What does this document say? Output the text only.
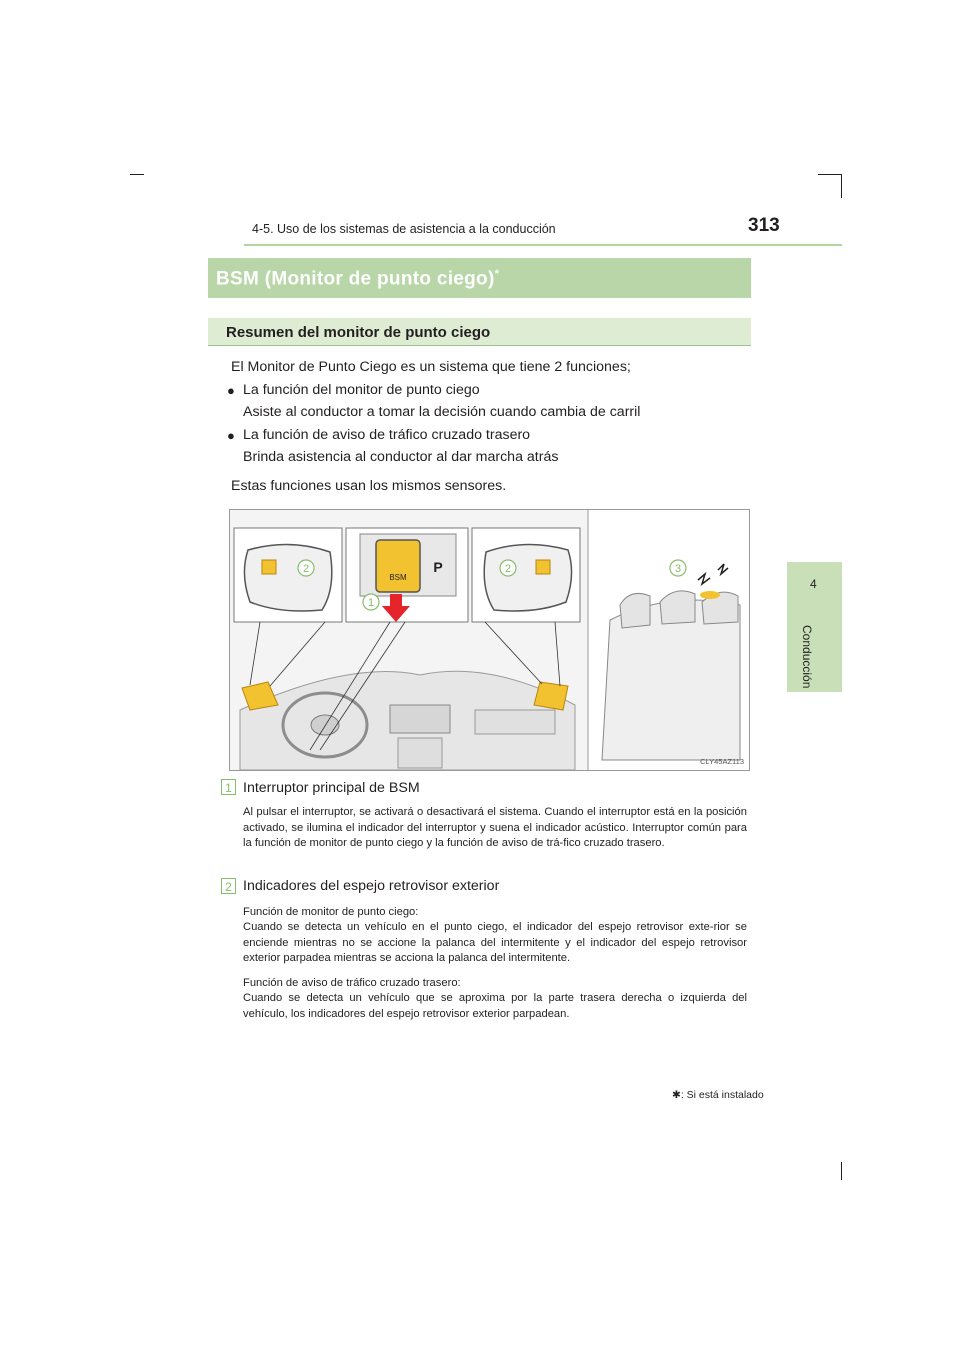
4-5. Uso de los sistemas de asistencia a la conducción	313
4
Conducción
BSM (Monitor de punto ciego)*
Resumen del monitor de punto ciego
El Monitor de Punto Ciego es un sistema que tiene 2 funciones;
● La función del monitor de punto ciego
Asiste al conductor a tomar la decisión cuando cambia de carril
● La función de aviso de tráfico cruzado trasero
Brinda asistencia al conductor al dar marcha atrás
Estas funciones usan los mismos sensores.
BSM
P
1
2	2	3
CLY45AZ113
1 Interruptor principal de BSM
Al pulsar el interruptor, se activará o desactivará el sistema. Cuando el interruptor está en la posición activado, se ilumina el indicador del interruptor y suena el indicador acústico. Interruptor común para la función de monitor de punto ciego y la función de aviso de trá-fico cruzado trasero.
2 Indicadores del espejo retrovisor exterior
Función de monitor de punto ciego:
Cuando se detecta un vehículo en el punto ciego, el indicador del espejo retrovisor exte-rior se enciende mientras no se accione la palanca del intermitente y el indicador del espejo retrovisor exterior parpadea mientras se acciona la palanca del intermitente.
Función de aviso de tráfico cruzado trasero:
Cuando se detecta un vehículo que se aproxima por la parte trasera derecha o izquierda del vehículo, los indicadores del espejo retrovisor exterior parpadean.
✱: Si está instalado
